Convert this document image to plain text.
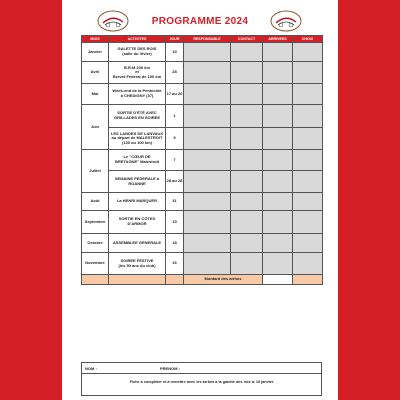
PROGRAMME 2024
MOIS	ACTIVITES	JOUR	RESPONSABLE	CONTACT	ARRIVEES	CHOIX
Janvier	GALETTE DES ROIS
(salle du Vivier)	19				
Avril	B.R.M 200 km
et
Brevet Fédéral de 100 km	28				
Mai	Week-end de la Pentecôte
à CHEDIGNY (37)	17 au 20				
Juin	SORTIE D'ÉTÉ AVEC
GRILLADES EN SOIREE	1				

	LES LANDES DE LANVAUX
au départ de MALESTROIT
(130 ou 100 km)	9				
Juillet	Le "CŒUR DE
BRETAGNE" Malestroit	7				

	SEMAINE FEDERALE à
ROANNE	28 au 28				
Août	La HENRI MARQUER	31				
Septembre	SORTIE EN CÔTES
D'ARMOR	15				
Octobre	ASSEMBLEE GENERALE	18				
Novembre	SOIREE FESTIVE
(les 50 ans du club)	16				
			Montant des arrhes			
NOM :	PRENOM :
Fiche à compléter et à remettre avec les arrhes à la galette des rois le 19 janvier
